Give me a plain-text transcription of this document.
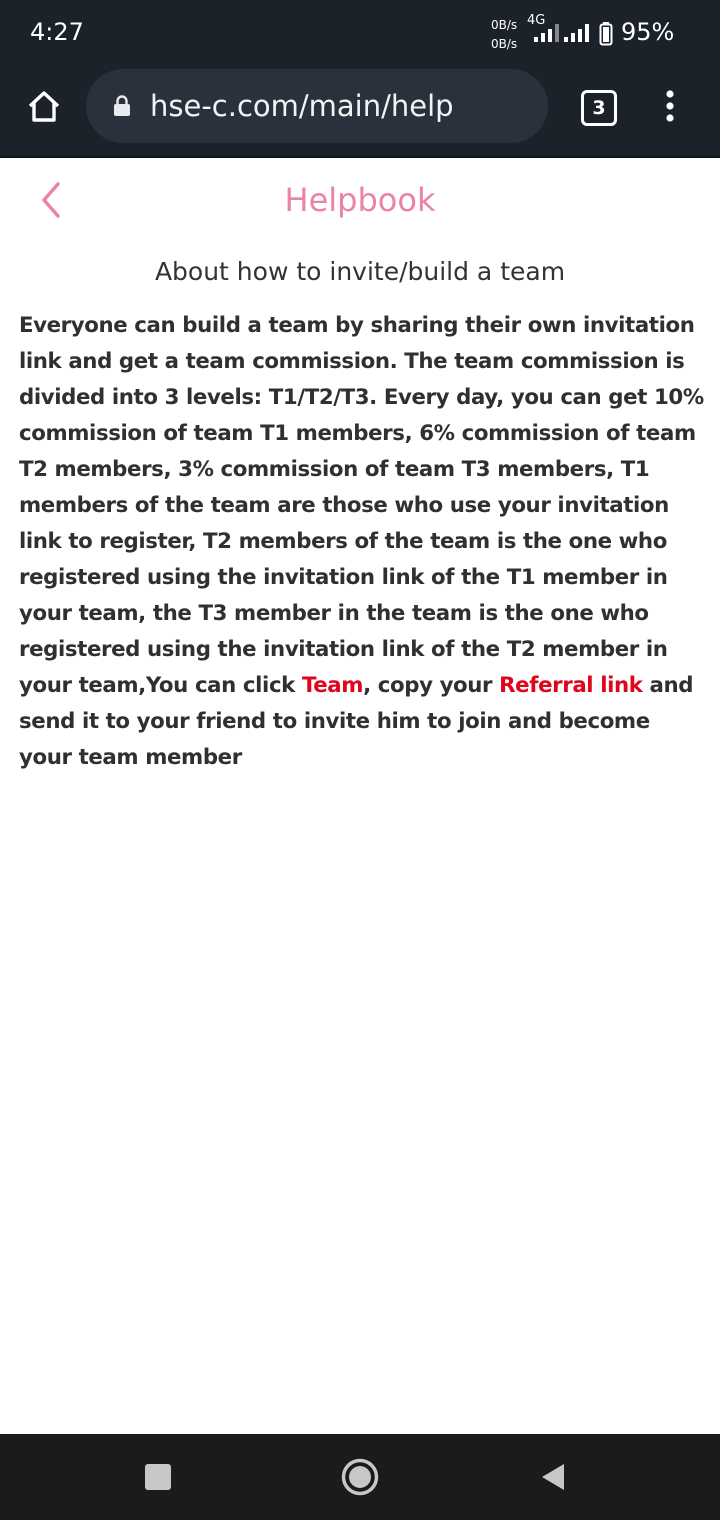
4:27	0B/s
0B/s
4G	95%
hse-c.com/main/help	3
Helpbook
About how to invite/build a team

Everyone can build a team by sharing their own invitation link and get a team commission. The team commission is divided into 3 levels: T1/T2/T3. Every day, you can get 10% commission of team T1 members, 6% commission of team T2 members, 3% commission of team T3 members, T1 members of the team are those who use your invitation link to register, T2 members of the team is the one who registered using the invitation link of the T1 member in your team, the T3 member in the team is the one who registered using the invitation link of the T2 member in your team,You can click Team, copy your Referral link and send it to your friend to invite him to join and become your team member
